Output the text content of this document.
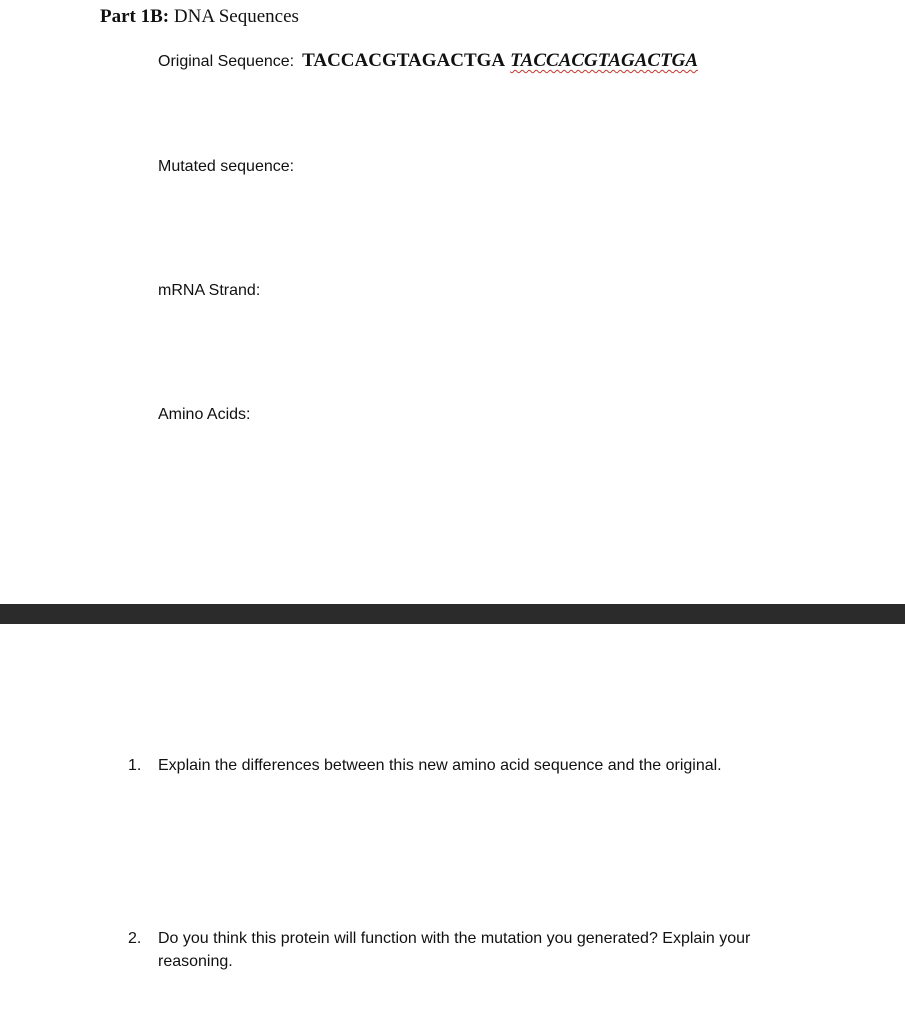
Part 1B: DNA Sequences
Original Sequence: TACCACGTAGACTGA TACCACGTAGACTGA
Mutated sequence:
mRNA Strand:
Amino Acids:
1. Explain the differences between this new amino acid sequence and the original.
2. Do you think this protein will function with the mutation you generated? Explain your reasoning.
